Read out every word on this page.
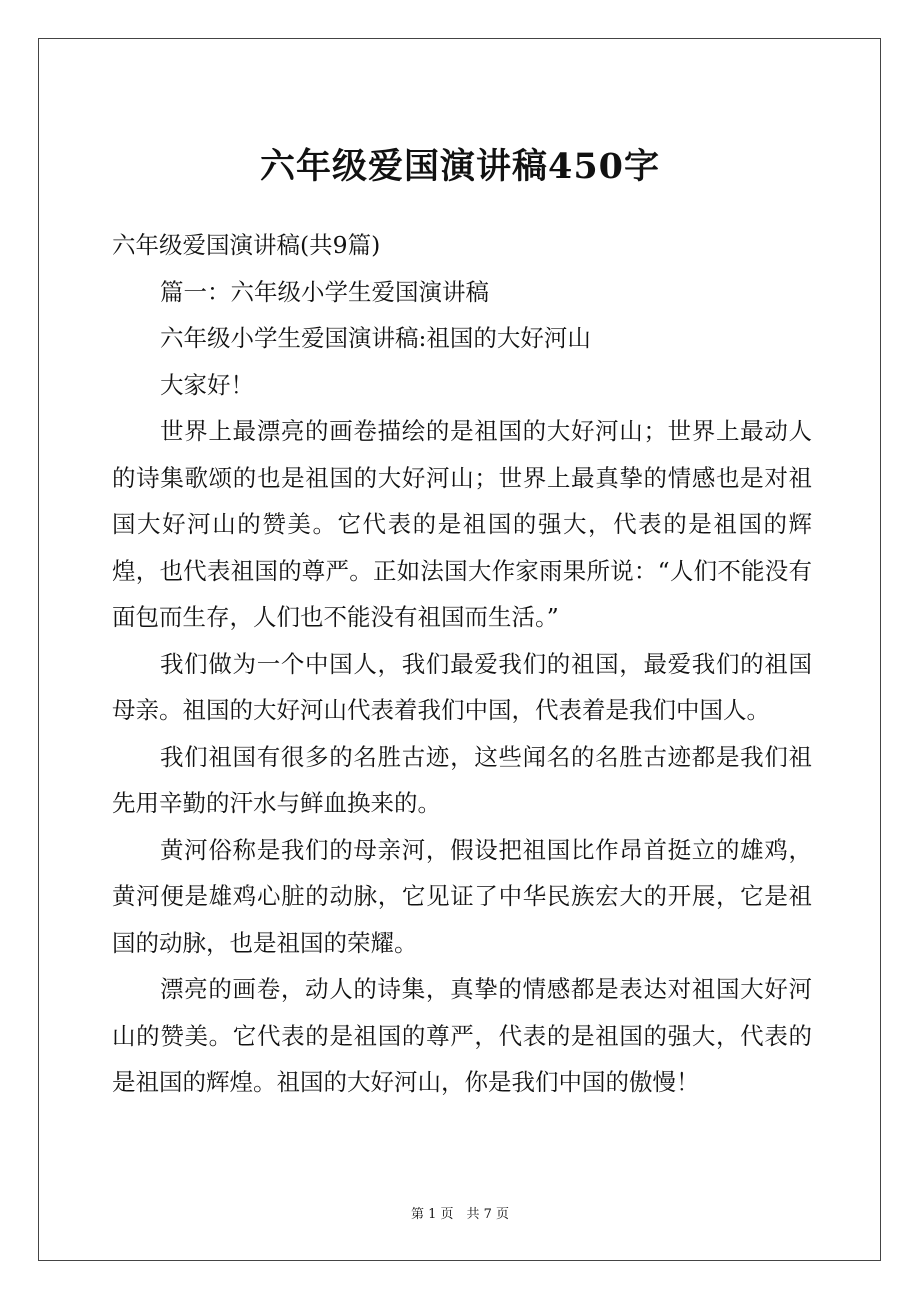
六年级爱国演讲稿450字

六年级爱国演讲稿(共9篇)

篇一：六年级小学生爱国演讲稿

六年级小学生爱国演讲稿:祖国的大好河山

大家好！

世界上最漂亮的画卷描绘的是祖国的大好河山；世界上最动人的诗集歌颂的也是祖国的大好河山；世界上最真挚的情感也是对祖国大好河山的赞美。它代表的是祖国的强大，代表的是祖国的辉煌，也代表祖国的尊严。正如法国大作家雨果所说：“人们不能没有面包而生存，人们也不能没有祖国而生活。”

我们做为一个中国人，我们最爱我们的祖国，最爱我们的祖国母亲。祖国的大好河山代表着我们中国，代表着是我们中国人。

我们祖国有很多的名胜古迹，这些闻名的名胜古迹都是我们祖先用辛勤的汗水与鲜血换来的。

黄河俗称是我们的母亲河，假设把祖国比作昂首挺立的雄鸡，黄河便是雄鸡心脏的动脉，它见证了中华民族宏大的开展，它是祖国的动脉，也是祖国的荣耀。

漂亮的画卷，动人的诗集，真挚的情感都是表达对祖国大好河山的赞美。它代表的是祖国的尊严，代表的是祖国的强大，代表的是祖国的辉煌。祖国的大好河山，你是我们中国的傲慢！

第 1 页　共 7 页
